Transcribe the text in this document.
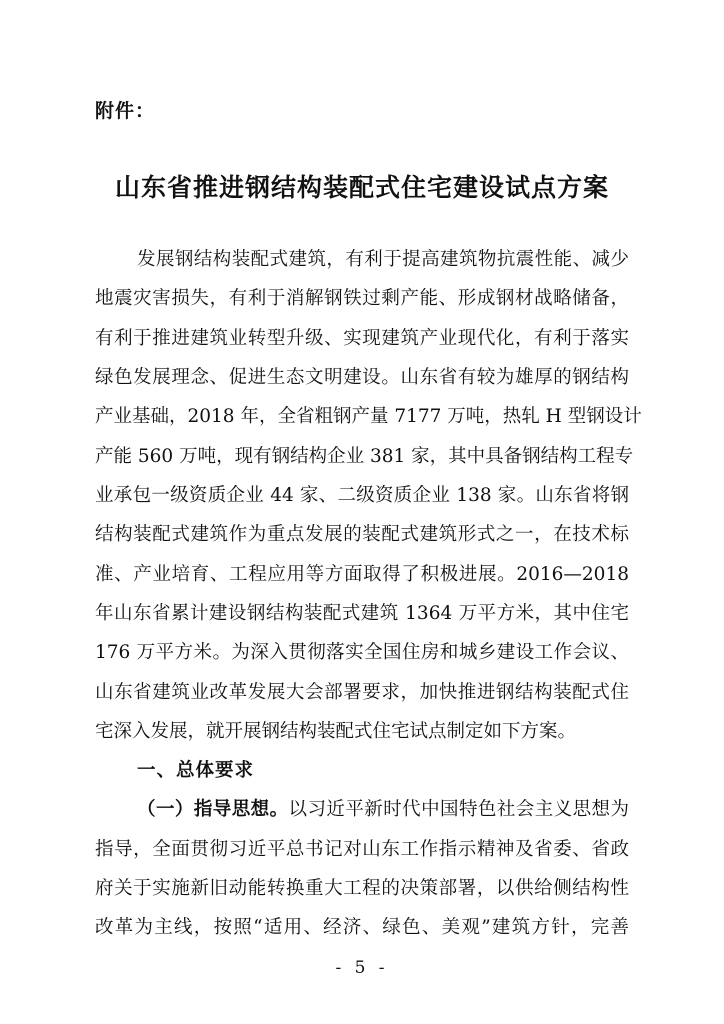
附件：
山东省推进钢结构装配式住宅建设试点方案
发展钢结构装配式建筑，有利于提高建筑物抗震性能、减少
地震灾害损失，有利于消解钢铁过剩产能、形成钢材战略储备，
有利于推进建筑业转型升级、实现建筑产业现代化，有利于落实
绿色发展理念、促进生态文明建设。山东省有较为雄厚的钢结构
产业基础，2018 年，全省粗钢产量 7177 万吨，热轧 H 型钢设计
产能 560 万吨，现有钢结构企业 381 家，其中具备钢结构工程专
业承包一级资质企业 44 家、二级资质企业 138 家。山东省将钢
结构装配式建筑作为重点发展的装配式建筑形式之一，在技术标
准、产业培育、工程应用等方面取得了积极进展。2016—2018
年山东省累计建设钢结构装配式建筑 1364 万平方米，其中住宅
176 万平方米。为深入贯彻落实全国住房和城乡建设工作会议、
山东省建筑业改革发展大会部署要求，加快推进钢结构装配式住
宅深入发展，就开展钢结构装配式住宅试点制定如下方案。
一、总体要求
（一）指导思想。以习近平新时代中国特色社会主义思想为
指导，全面贯彻习近平总书记对山东工作指示精神及省委、省政
府关于实施新旧动能转换重大工程的决策部署，以供给侧结构性
改革为主线，按照“适用、经济、绿色、美观”建筑方针，完善
- 5 -
